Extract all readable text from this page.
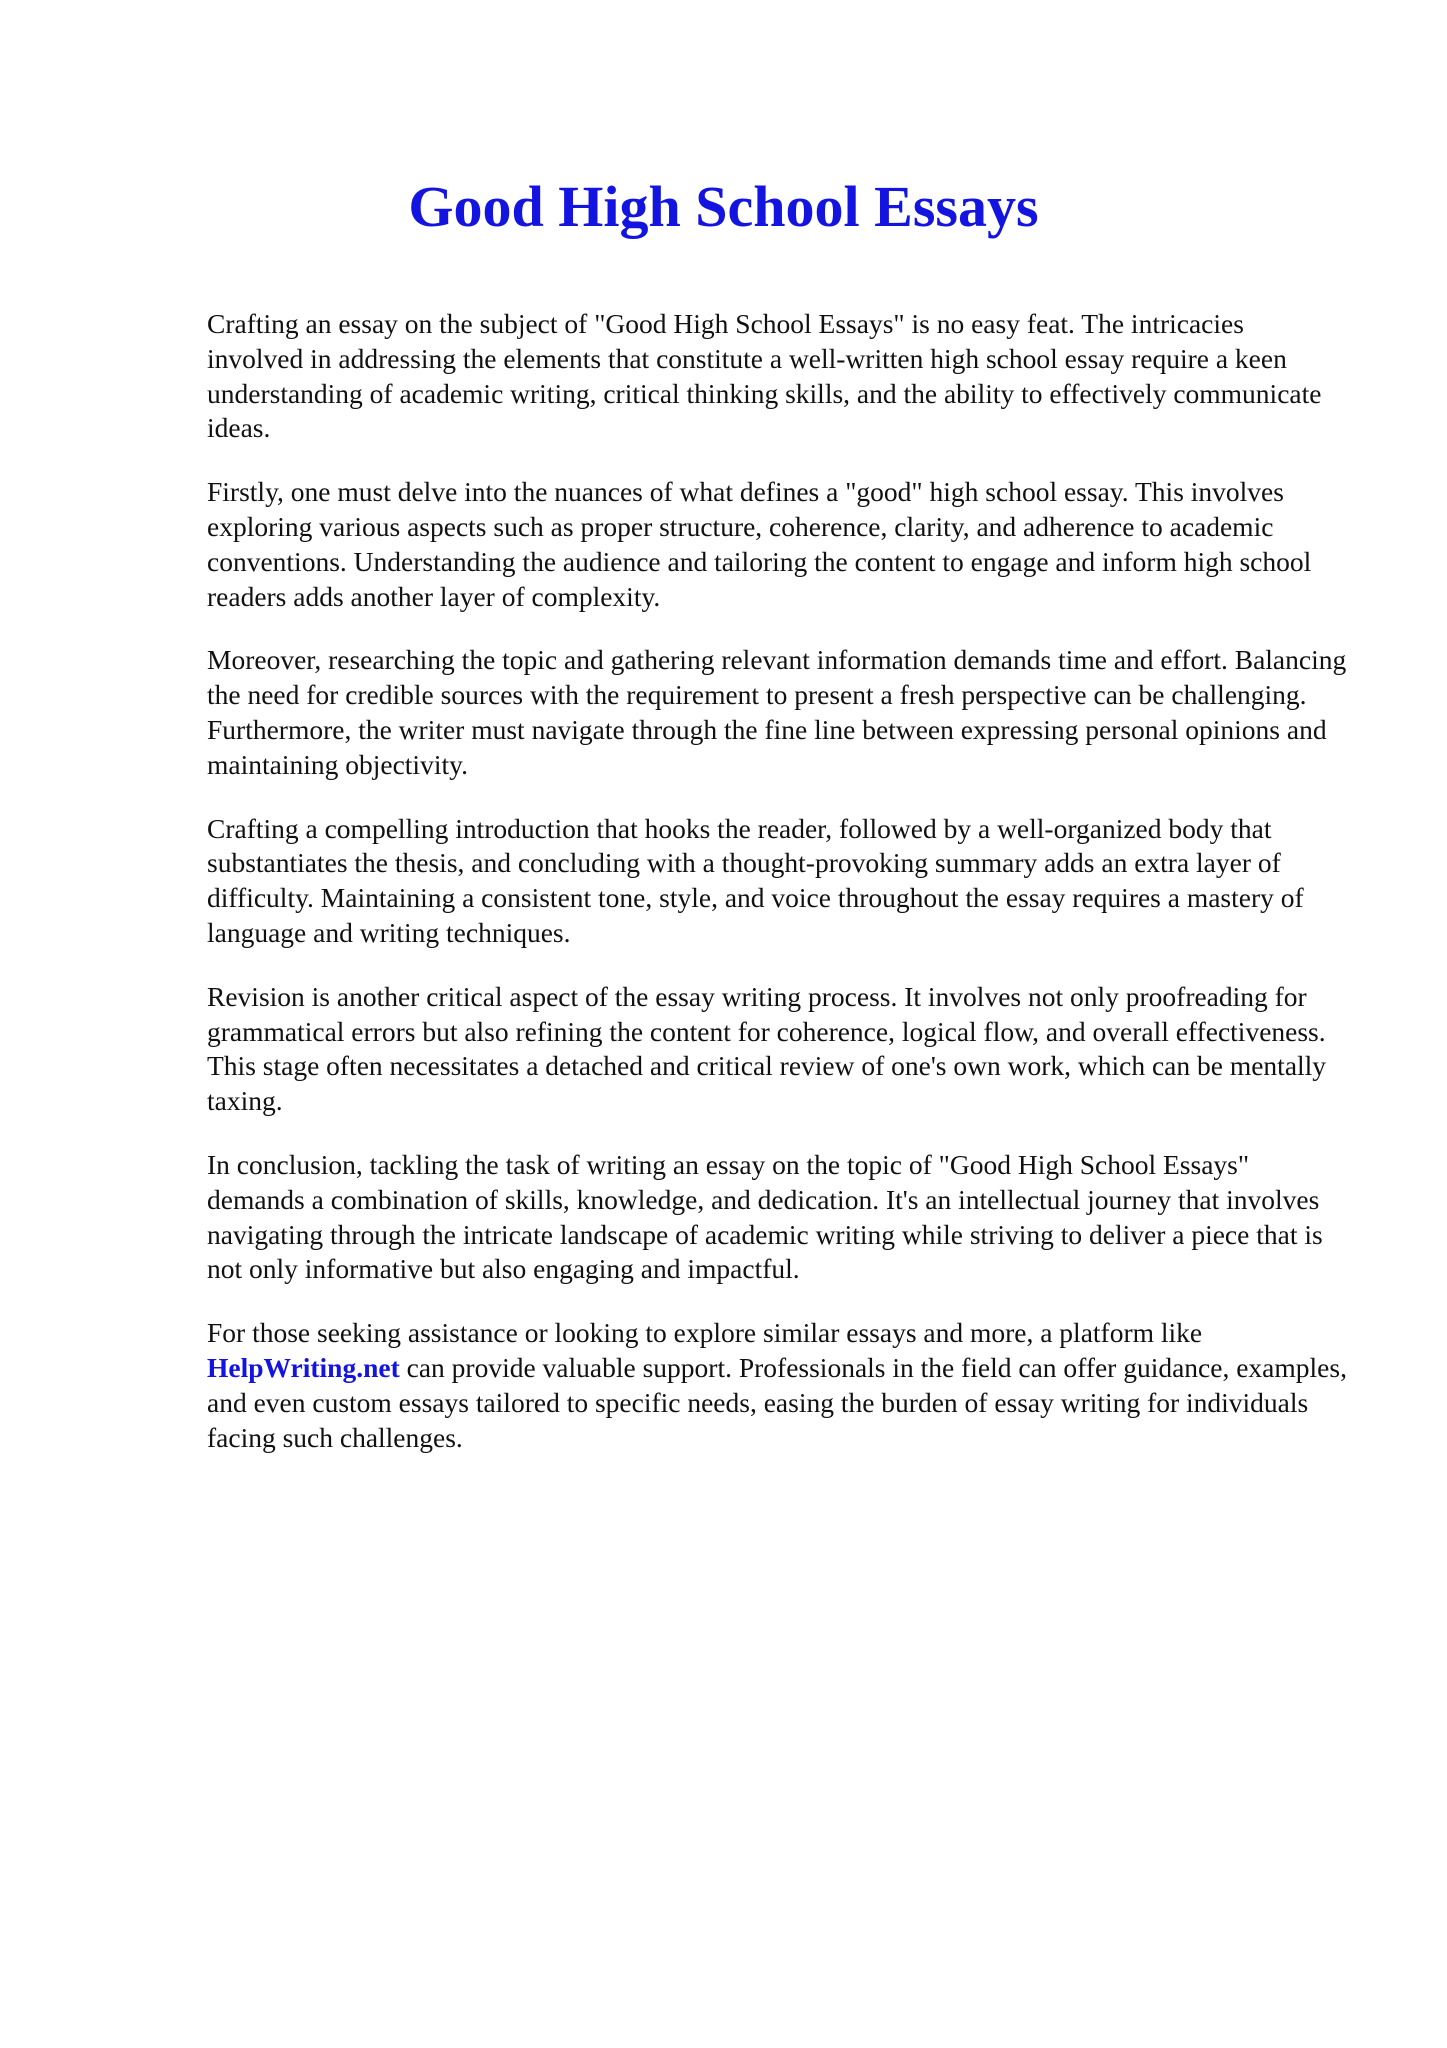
Good High School Essays

Crafting an essay on the subject of "Good High School Essays" is no easy feat. The intricacies involved in addressing the elements that constitute a well-written high school essay require a keen understanding of academic writing, critical thinking skills, and the ability to effectively communicate ideas.

Firstly, one must delve into the nuances of what defines a "good" high school essay. This involves exploring various aspects such as proper structure, coherence, clarity, and adherence to academic conventions. Understanding the audience and tailoring the content to engage and inform high school readers adds another layer of complexity.

Moreover, researching the topic and gathering relevant information demands time and effort. Balancing the need for credible sources with the requirement to present a fresh perspective can be challenging. Furthermore, the writer must navigate through the fine line between expressing personal opinions and maintaining objectivity.

Crafting a compelling introduction that hooks the reader, followed by a well-organized body that substantiates the thesis, and concluding with a thought-provoking summary adds an extra layer of difficulty. Maintaining a consistent tone, style, and voice throughout the essay requires a mastery of language and writing techniques.

Revision is another critical aspect of the essay writing process. It involves not only proofreading for grammatical errors but also refining the content for coherence, logical flow, and overall effectiveness. This stage often necessitates a detached and critical review of one's own work, which can be mentally taxing.

In conclusion, tackling the task of writing an essay on the topic of "Good High School Essays" demands a combination of skills, knowledge, and dedication. It's an intellectual journey that involves navigating through the intricate landscape of academic writing while striving to deliver a piece that is not only informative but also engaging and impactful.

For those seeking assistance or looking to explore similar essays and more, a platform like HelpWriting.net can provide valuable support. Professionals in the field can offer guidance, examples, and even custom essays tailored to specific needs, easing the burden of essay writing for individuals facing such challenges.
